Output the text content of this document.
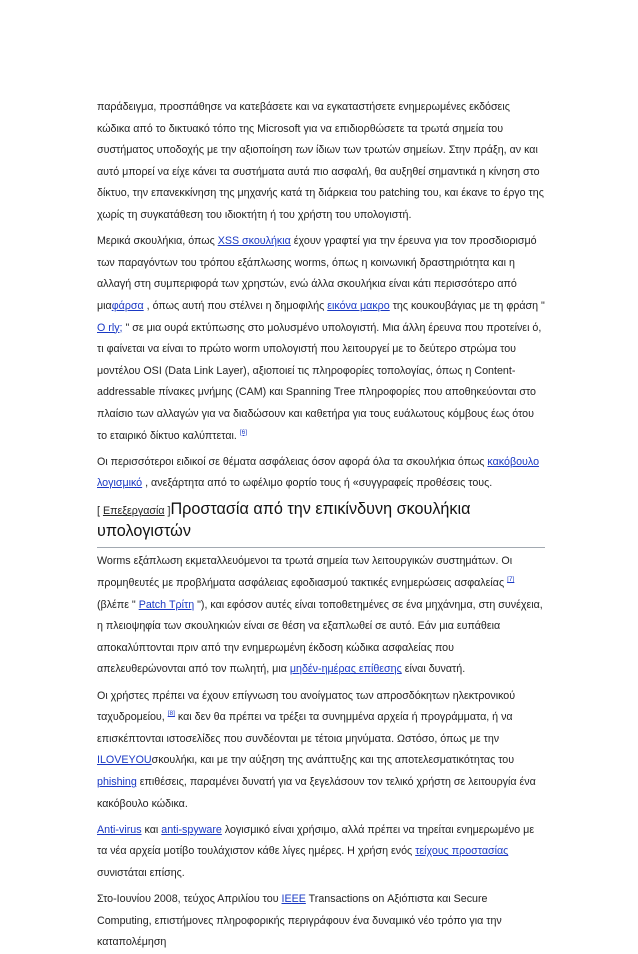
παράδειγμα, προσπάθησε να κατεβάσετε και να εγκαταστήσετε ενημερωμένες εκδόσεις κώδικα από το δικτυακό τόπο της Microsoft για να επιδιορθώσετε τα τρωτά σημεία του συστήματος υποδοχής με την αξιοποίηση των ίδιων των τρωτών σημείων. Στην πράξη, αν και αυτό μπορεί να είχε κάνει τα συστήματα αυτά πιο ασφαλή, θα αυξηθεί σημαντικά η κίνηση στο δίκτυο, την επανεκκίνηση της μηχανής κατά τη διάρκεια του patching του, και έκανε το έργο της χωρίς τη συγκατάθεση του ιδιοκτήτη ή του χρήστη του υπολογιστή.

Μερικά σκουλήκια, όπως XSS σκουλήκια έχουν γραφτεί για την έρευνα για τον προσδιορισμό των παραγόντων του τρόπου εξάπλωσης worms, όπως η κοινωνική δραστηριότητα και η αλλαγή στη συμπεριφορά των χρηστών, ενώ άλλα σκουλήκια είναι κάτι περισσότερο από μιαφάρσα , όπως αυτή που στέλνει η δημοφιλής εικόνα μακρο της κουκουβάγιας με τη φράση " O rly; " σε μια ουρά εκτύπωσης στο μολυσμένο υπολογιστή. Μια άλλη έρευνα που προτείνει ό, τι φαίνεται να είναι το πρώτο worm υπολογιστή που λειτουργεί με το δεύτερο στρώμα του μοντέλου OSI (Data Link Layer), αξιοποιεί τις πληροφορίες τοπολογίας, όπως η Content-addressable πίνακες μνήμης (CAM) και Spanning Tree πληροφορίες που αποθηκεύονται στο πλαίσιο των αλλαγών για να διαδώσουν και καθετήρα για τους ευάλωτους κόμβους έως ότου το εταιρικό δίκτυο καλύπτεται. [6]

Οι περισσότεροι ειδικοί σε θέματα ασφάλειας όσον αφορά όλα τα σκουλήκια όπως κακόβουλο λογισμικό , ανεξάρτητα από το ωφέλιμο φορτίο τους ή «συγγραφείς προθέσεις τους.

[ Επεξεργασία ]Προστασία από την επικίνδυνη σκουλήκια υπολογιστών

Worms εξάπλωση εκμεταλλευόμενοι τα τρωτά σημεία των λειτουργικών συστημάτων. Οι προμηθευτές με προβλήματα ασφάλειας εφοδιασμού τακτικές ενημερώσεις ασφαλείας [7] (βλέπε " Patch Τρίτη "), και εφόσον αυτές είναι τοποθετημένες σε ένα μηχάνημα, στη συνέχεια, η πλειοψηφία των σκουληκιών είναι σε θέση να εξαπλωθεί σε αυτό. Εάν μια ευπάθεια αποκαλύπτονται πριν από την ενημερωμένη έκδοση κώδικα ασφαλείας που απελευθερώνονται από τον πωλητή, μια μηδέν-ημέρας επίθεσης είναι δυνατή.

Οι χρήστες πρέπει να έχουν επίγνωση του ανοίγματος των απροσδόκητων ηλεκτρονικού ταχυδρομείου, [8] και δεν θα πρέπει να τρέξει τα συνημμένα αρχεία ή προγράμματα, ή να επισκέπτονται ιστοσελίδες που συνδέονται με τέτοια μηνύματα. Ωστόσο, όπως με την ILOVEYOUσκουλήκι, και με την αύξηση της ανάπτυξης και της αποτελεσματικότητας του phishing επιθέσεις, παραμένει δυνατή για να ξεγελάσουν τον τελικό χρήστη σε λειτουργία ένα κακόβουλο κώδικα.

Anti-virus και anti-spyware λογισμικό είναι χρήσιμο, αλλά πρέπει να τηρείται ενημερωμένο με τα νέα αρχεία μοτίβο τουλάχιστον κάθε λίγες ημέρες. Η χρήση ενός τείχους προστασίας συνιστάται επίσης.

Στο-Ιουνίου 2008, τεύχος Απριλίου του IEEE Transactions on Αξιόπιστα και Secure Computing, επιστήμονες πληροφορικής περιγράφουν ένα δυναμικό νέο τρόπο για την καταπολέμηση
